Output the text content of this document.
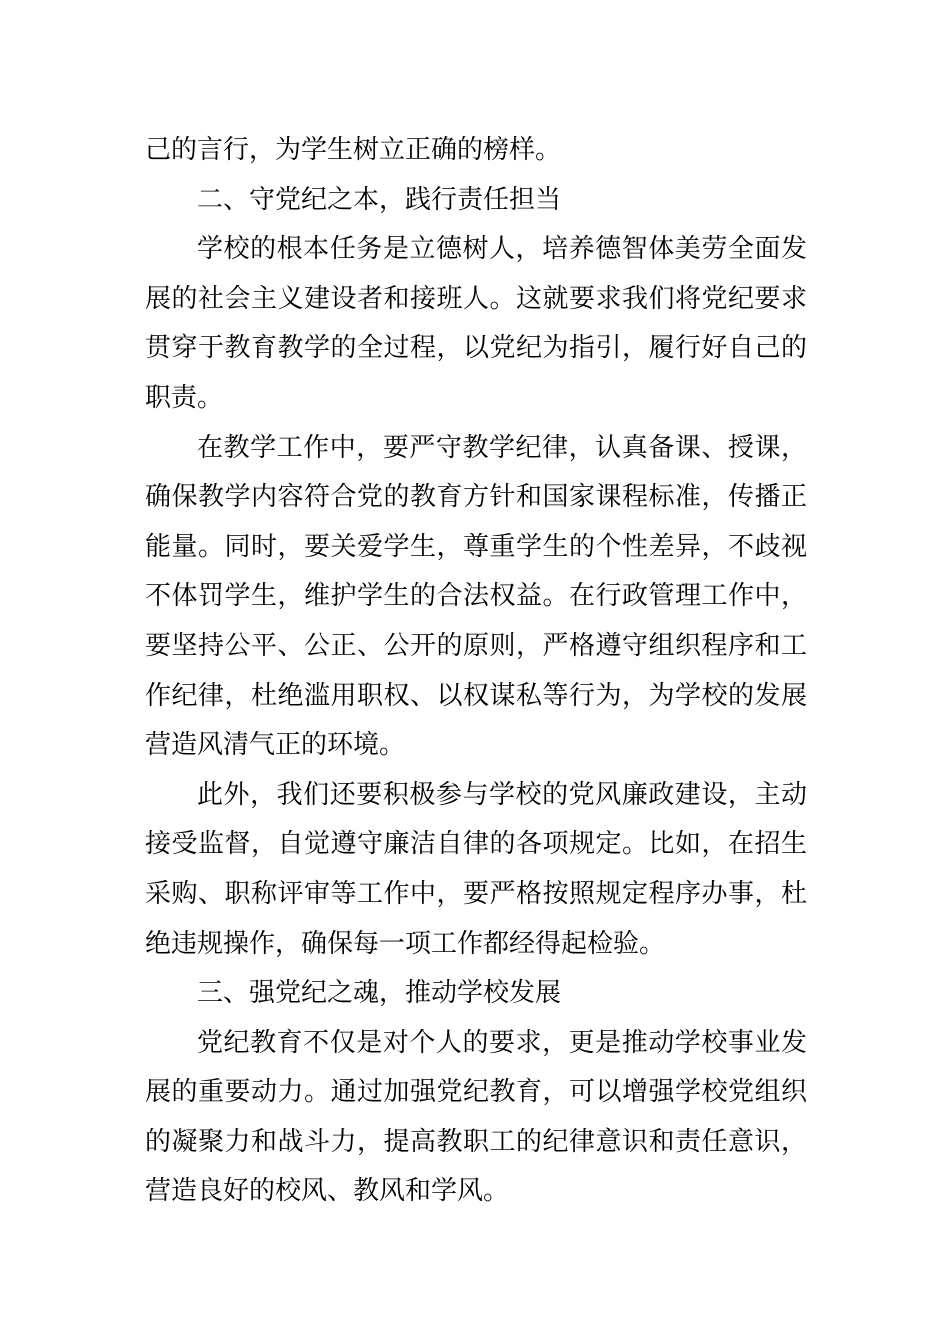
己的言行，为学生树立正确的榜样。

二、守党纪之本，践行责任担当

学校的根本任务是立德树人，培养德智体美劳全面发展的社会主义建设者和接班人。这就要求我们将党纪要求贯穿于教育教学的全过程，以党纪为指引，履行好自己的职责。

在教学工作中，要严守教学纪律，认真备课、授课，确保教学内容符合党的教育方针和国家课程标准，传播正能量。同时，要关爱学生，尊重学生的个性差异，不歧视不体罚学生，维护学生的合法权益。在行政管理工作中，要坚持公平、公正、公开的原则，严格遵守组织程序和工作纪律，杜绝滥用职权、以权谋私等行为，为学校的发展营造风清气正的环境。

此外，我们还要积极参与学校的党风廉政建设，主动接受监督，自觉遵守廉洁自律的各项规定。比如，在招生采购、职称评审等工作中，要严格按照规定程序办事，杜绝违规操作，确保每一项工作都经得起检验。

三、强党纪之魂，推动学校发展

党纪教育不仅是对个人的要求，更是推动学校事业发展的重要动力。通过加强党纪教育，可以增强学校党组织的凝聚力和战斗力，提高教职工的纪律意识和责任意识，营造良好的校风、教风和学风。
